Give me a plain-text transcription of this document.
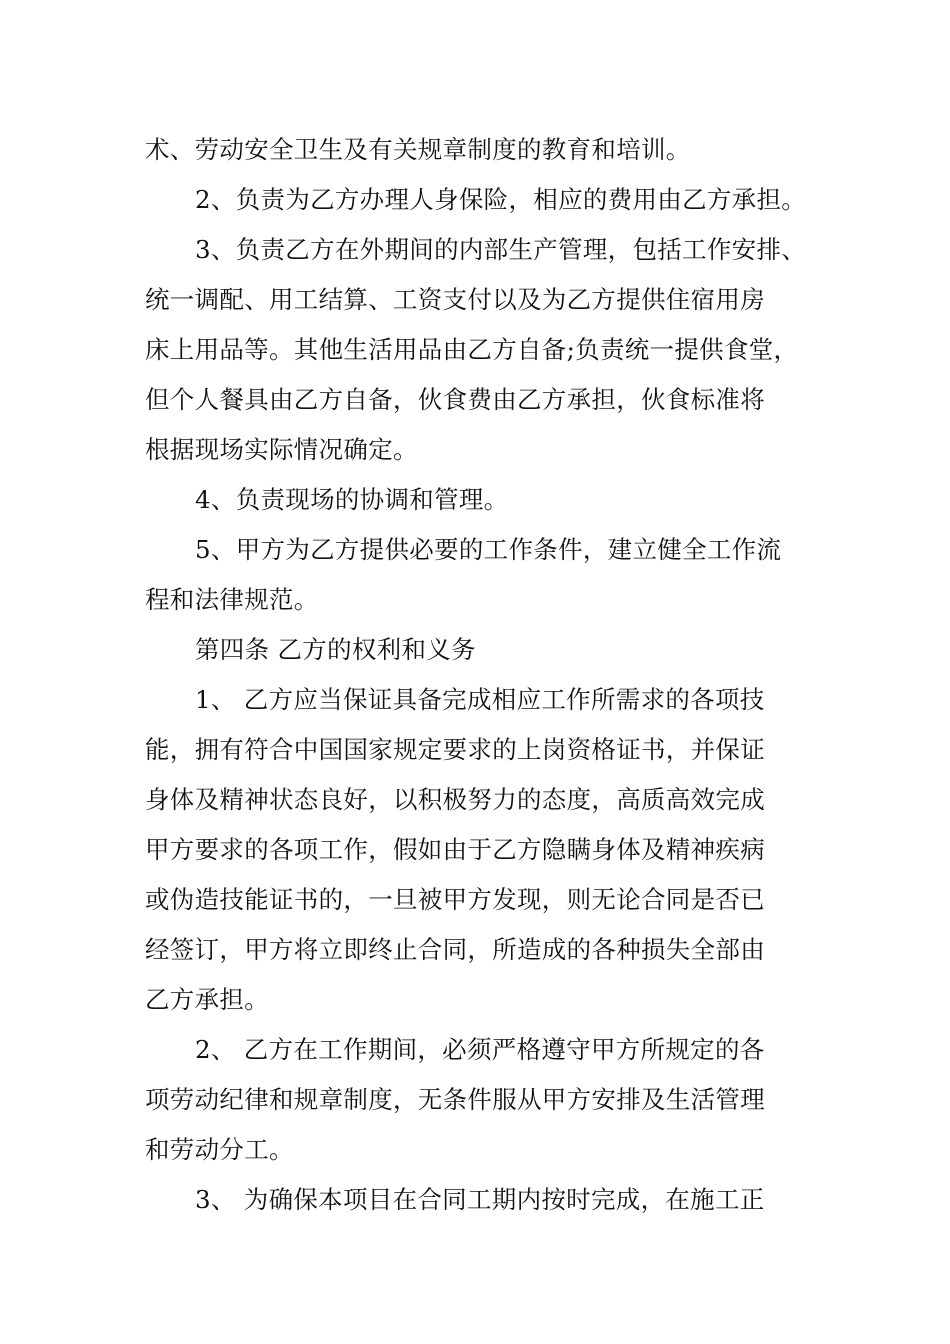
术、劳动安全卫生及有关规章制度的教育和培训。
2、负责为乙方办理人身保险，相应的费用由乙方承担。
3、负责乙方在外期间的内部生产管理，包括工作安排、
统一调配、用工结算、工资支付以及为乙方提供住宿用房
床上用品等。其他生活用品由乙方自备;负责统一提供食堂，
但个人餐具由乙方自备，伙食费由乙方承担，伙食标准将
根据现场实际情况确定。
4、负责现场的协调和管理。
5、甲方为乙方提供必要的工作条件，建立健全工作流
程和法律规范。
第四条 乙方的权利和义务
1、 乙方应当保证具备完成相应工作所需求的各项技
能，拥有符合中国国家规定要求的上岗资格证书，并保证
身体及精神状态良好，以积极努力的态度，高质高效完成
甲方要求的各项工作，假如由于乙方隐瞒身体及精神疾病
或伪造技能证书的，一旦被甲方发现，则无论合同是否已
经签订，甲方将立即终止合同，所造成的各种损失全部由
乙方承担。
2、 乙方在工作期间，必须严格遵守甲方所规定的各
项劳动纪律和规章制度，无条件服从甲方安排及生活管理
和劳动分工。
3、 为确保本项目在合同工期内按时完成，在施工正
